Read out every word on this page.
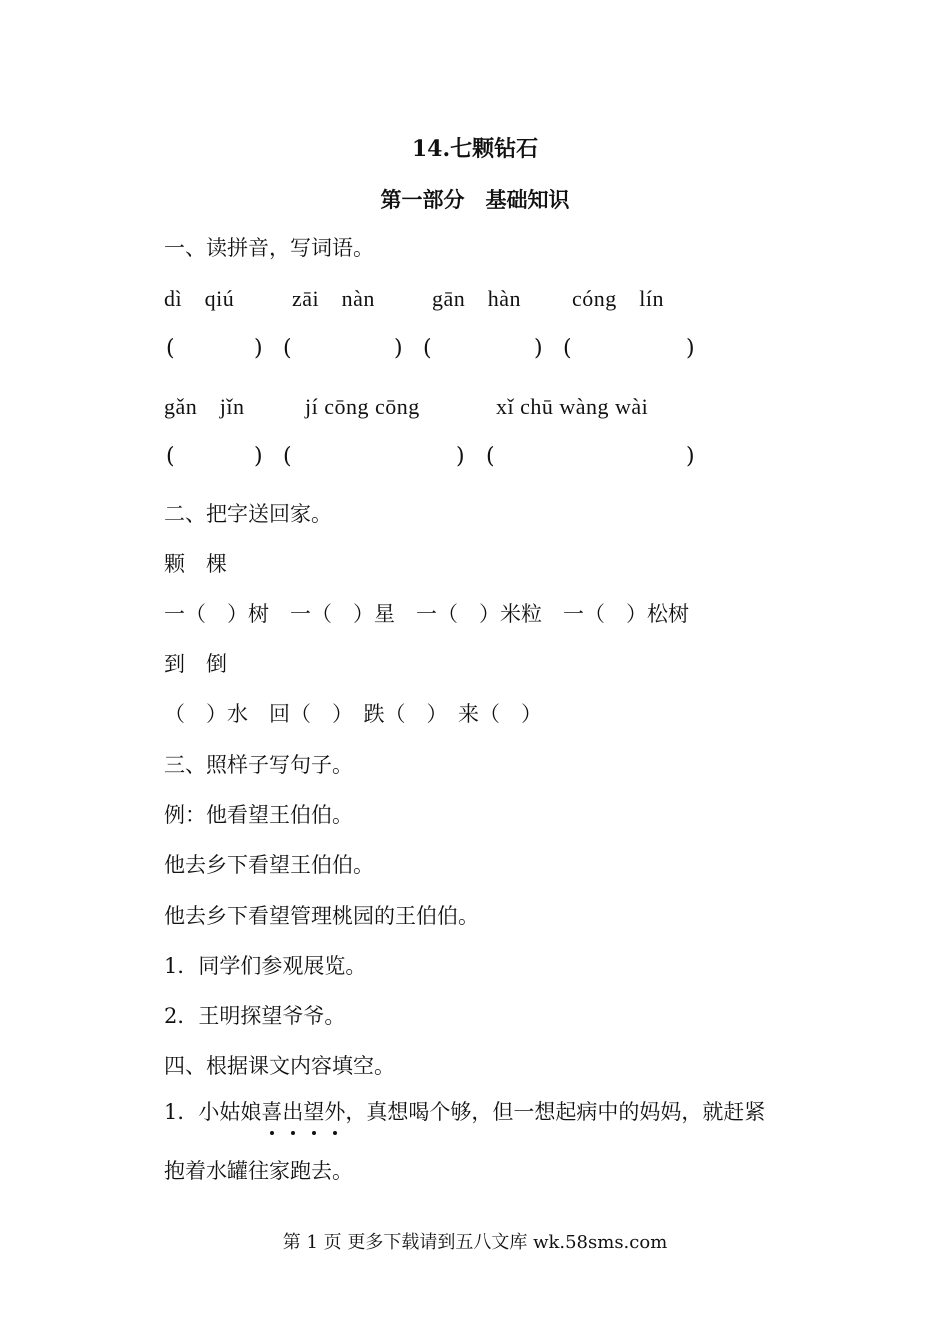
14.七颗钻石
第一部分　基础知识
一、读拼音，写词语。
dì　qiú	zāi　nàn	gān　hàn cóng　lín
(	) (	) (	) (	)
gǎn　jǐn	jí cōng cōng	xǐ chū wàng wài
(	) (	) (	)
二、把字送回家。
颗　棵
一（　）树　一（　）星　一（　）米粒　一（　）松树
到　倒
（　）水　回（　）　跌（　）　来（　）
三、照样子写句子。
例：他看望王伯伯。
他去乡下看望王伯伯。
他去乡下看望管理桃园的王伯伯。
1．同学们参观展览。
2．王明探望爷爷。
四、根据课文内容填空。
1．小姑娘喜出望外，真想喝个够，但一想起病中的妈妈，就赶紧
抱着水罐往家跑去。
第 1 页 更多下载请到五八文库 wk.58sms.com
